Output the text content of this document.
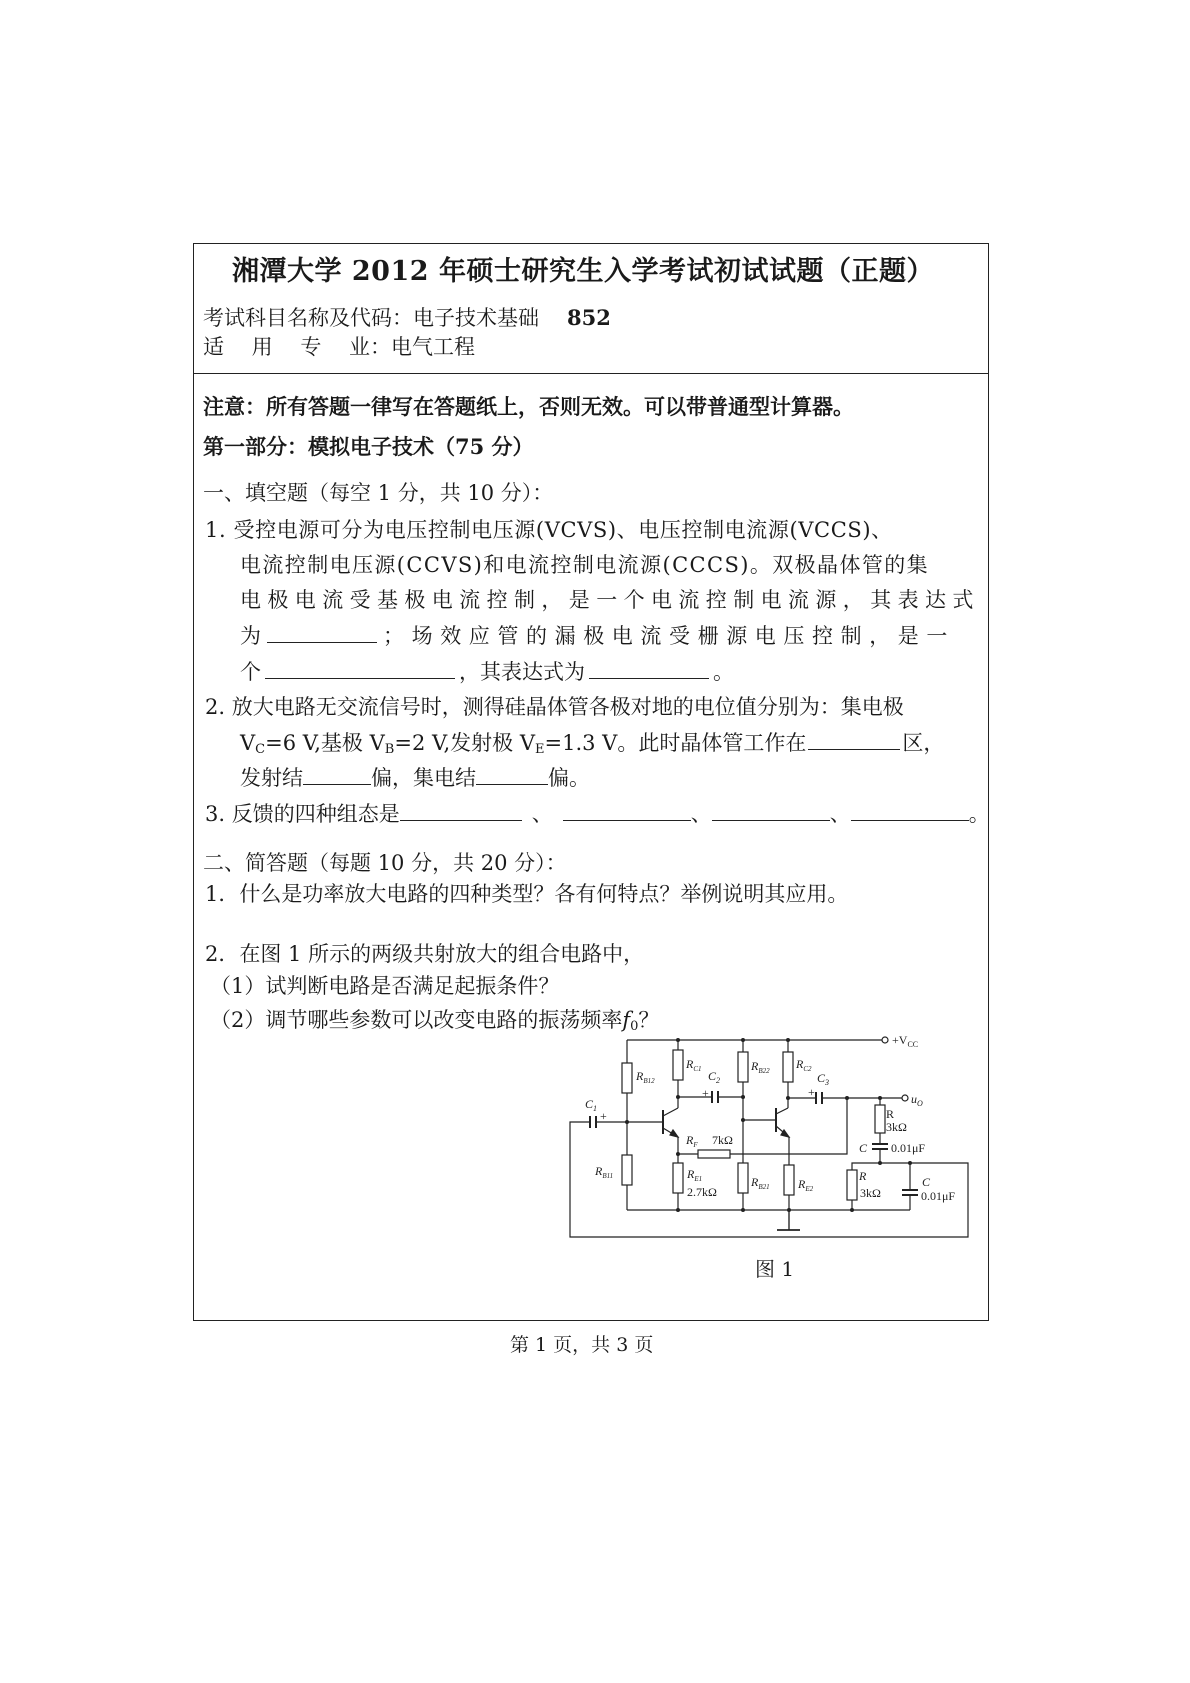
湘潭大学 2012 年硕士研究生入学考试初试试题（正题）
考试科目名称及代码：电子技术基础 852
适　 用　 专　 业：电气工程
注意：所有答题一律写在答题纸上，否则无效。可以带普通型计算器。
第一部分：模拟电子技术（75 分）
一、填空题（每空 1 分，共 10 分）：
1. 受控电源可分为电压控制电压源(VCVS)、电压控制电流源(VCCS)、
电流控制电压源(CCVS)和电流控制电流源(CCCS)。双极晶体管的集
电极电流受基极电流控制，是一个电流控制电流源，其表达式
为	；场效应管的漏极电流受栅源电压控制，是一
个	，其表达式为	。
2. 放大电路无交流信号时，测得硅晶体管各极对地的电位值分别为：集电极
$V_C=6$ V,基极 $V_B=2$ V,发射极 $V_E=1.3$ V。此时晶体管工作在	区，
发射结	偏，集电结	偏。
3. 反馈的四种组态是	、	、	、	。
二、简答题（每题 10 分，共 20 分）：
1．什么是功率放大电路的四种类型？各有何特点？举例说明其应用。
2．在图 1 所示的两级共射放大的组合电路中，
（1）试判断电路是否满足起振条件？
（2）调节哪些参数可以改变电路的振荡频率$f_0$？
$+V_{CC}$
$u_O$
$C_1$
+
$R_{B12}$
$R_{B11}$
$R_{C1}$ $C_2$
+
$R_{B22}$
$R_{B21}$
$R_{C2}$
$C_3$
+
$R_F$ 7kΩ
$R_{E1}$
2.7kΩ
$R_{E2}$
R
3kΩ
C 0.01μF
R
3kΩ
C
0.01μF
图 1
第 1 页，共 3 页
